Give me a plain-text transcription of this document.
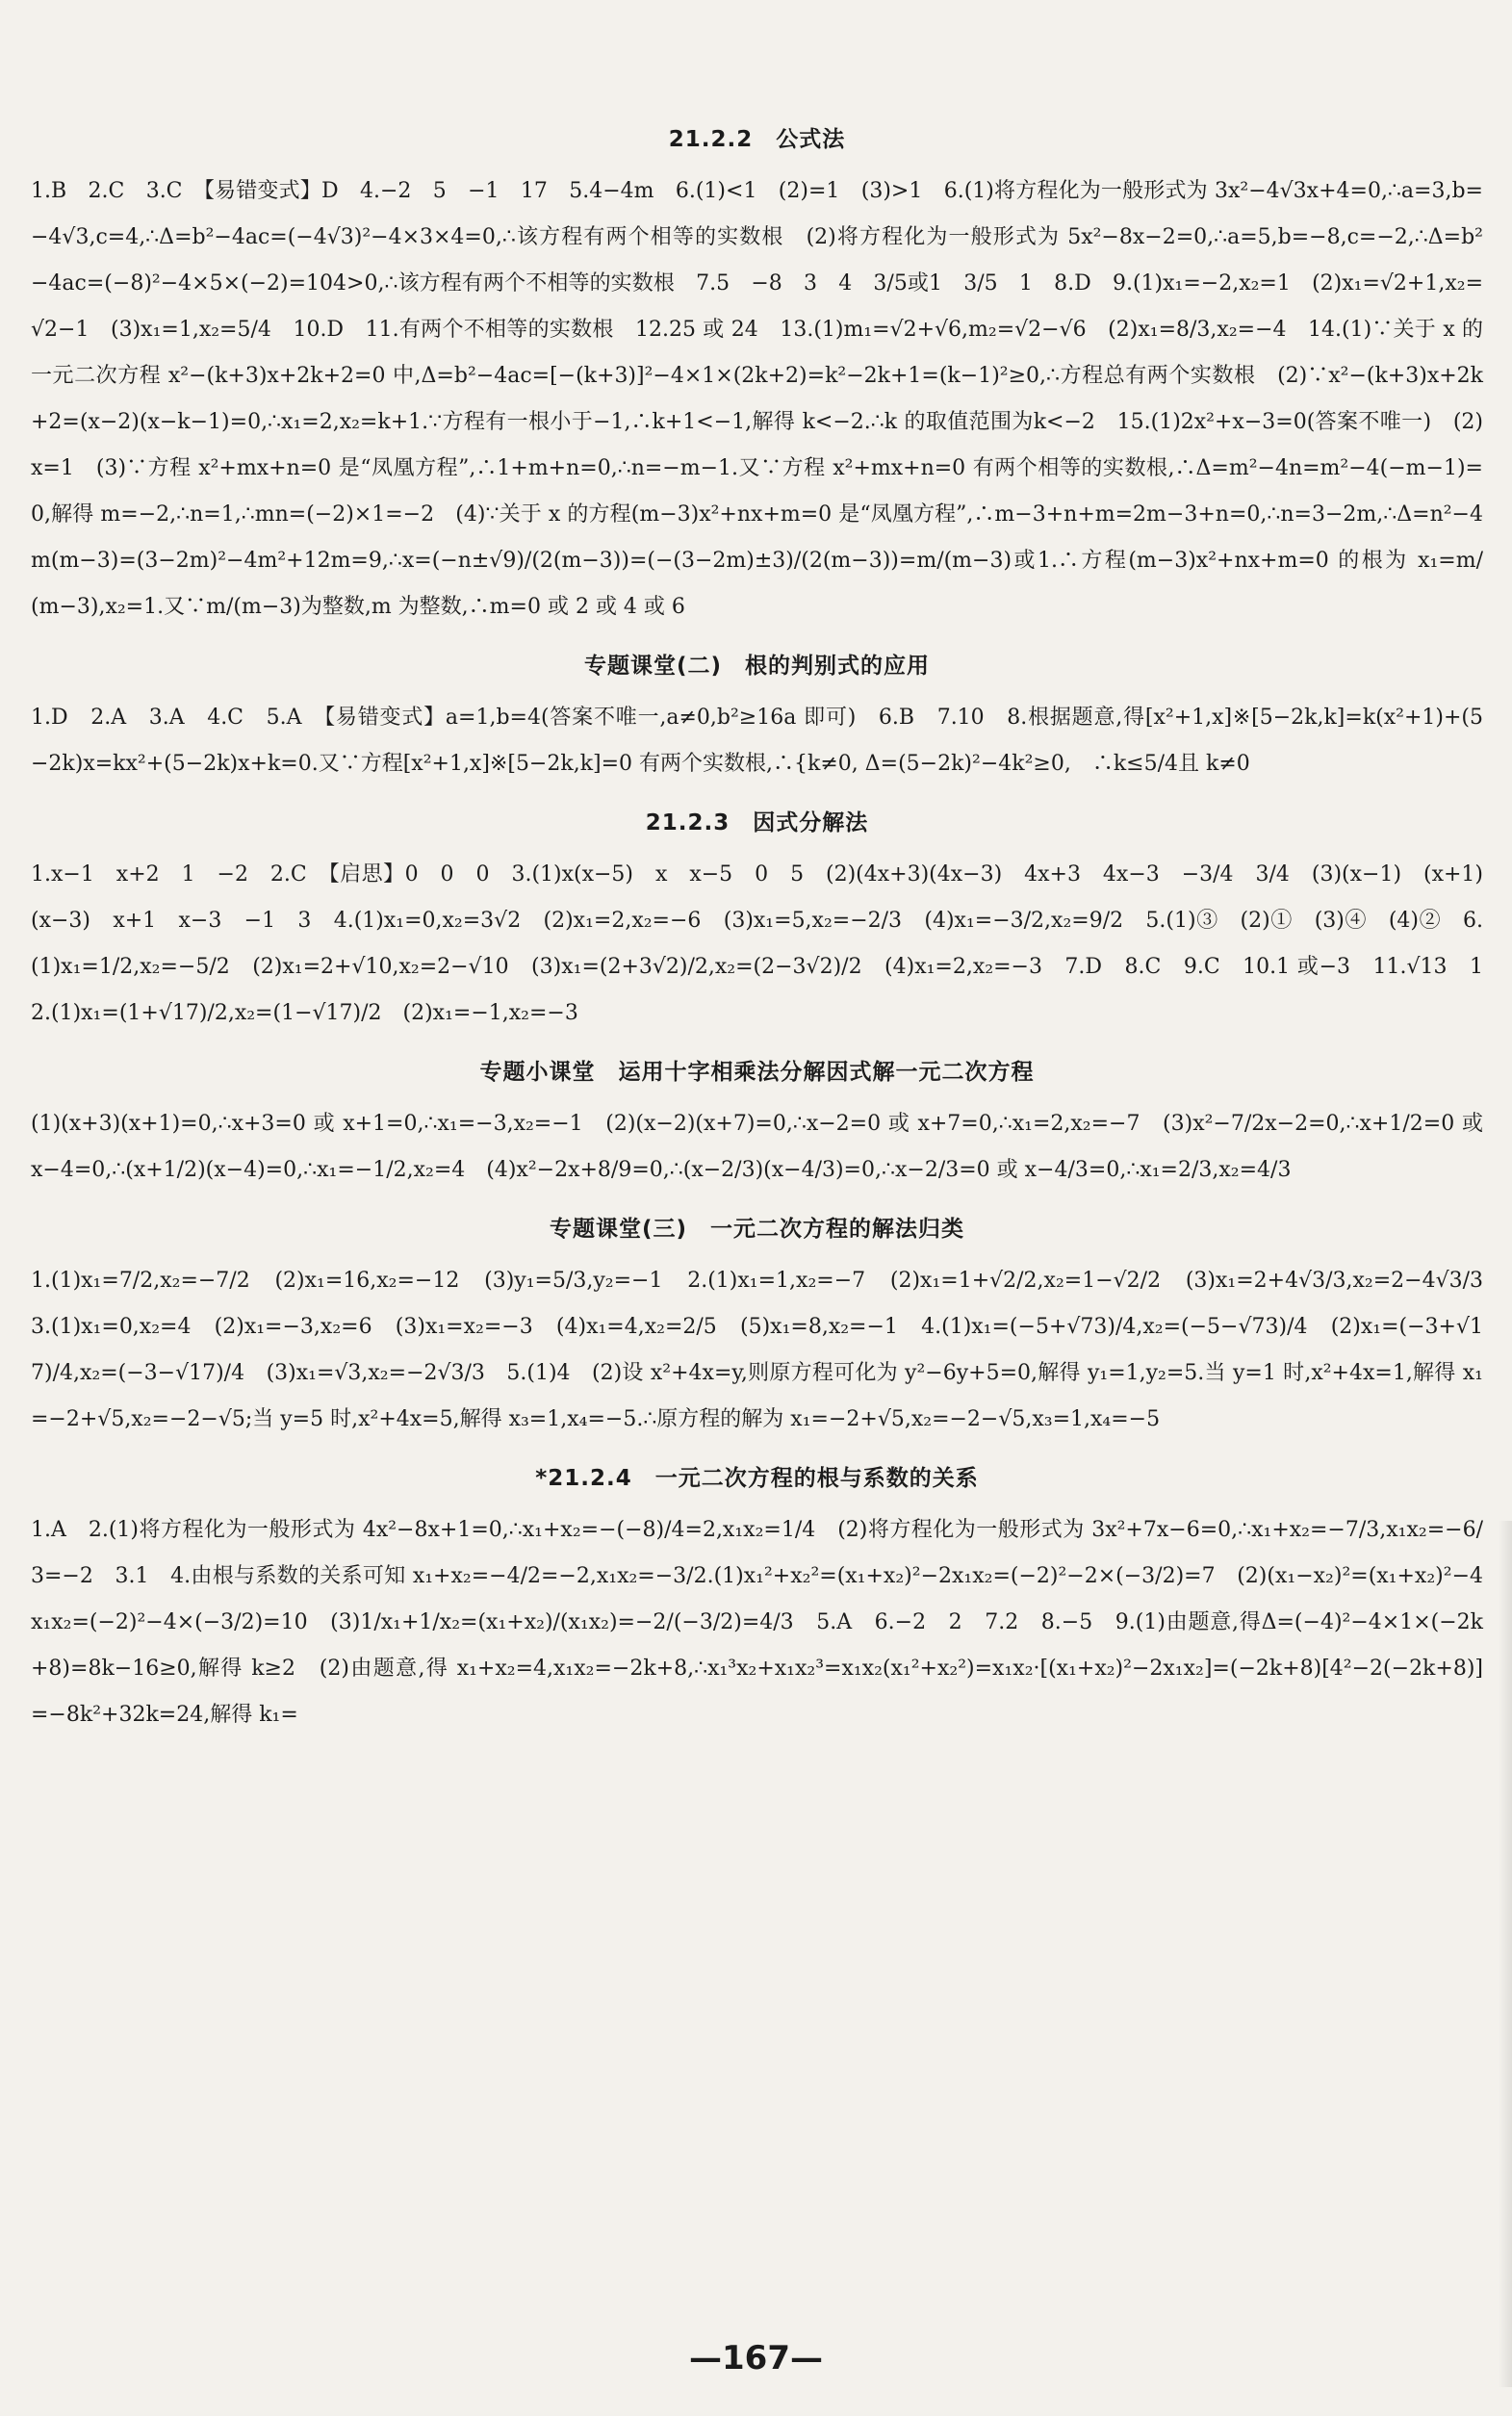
21.2.2　公式法
1.B　2.C　3.C　【易错变式】D　4.−2　5　−1　17　5.4−4m　6.(1)<1　(2)=1　(3)>1　6.(1)将方程化为一般形式为 3x²−4√3x+4=0,∴a=3,b=−4√3,c=4,∴Δ=b²−4ac=(−4√3)²−4×3×4=0,∴该方程有两个相等的实数根　(2)将方程化为一般形式为 5x²−8x−2=0,∴a=5,b=−8,c=−2,∴Δ=b²−4ac=(−8)²−4×5×(−2)=104>0,∴该方程有两个不相等的实数根　7.5　−8　3　4　3/5或1　3/5　1　8.D　9.(1)x₁=−2,x₂=1　(2)x₁=√2+1,x₂=√2−1　(3)x₁=1,x₂=5/4　10.D　11.有两个不相等的实数根　12.25 或 24　13.(1)m₁=√2+√6,m₂=√2−√6　(2)x₁=8/3,x₂=−4　14.(1)∵关于 x 的一元二次方程 x²−(k+3)x+2k+2=0 中,Δ=b²−4ac=[−(k+3)]²−4×1×(2k+2)=k²−2k+1=(k−1)²≥0,∴方程总有两个实数根　(2)∵x²−(k+3)x+2k+2=(x−2)(x−k−1)=0,∴x₁=2,x₂=k+1.∵方程有一根小于−1,∴k+1<−1,解得 k<−2.∴k 的取值范围为k<−2　15.(1)2x²+x−3=0(答案不唯一)　(2)x=1　(3)∵方程 x²+mx+n=0 是“凤凰方程”,∴1+m+n=0,∴n=−m−1.又∵方程 x²+mx+n=0 有两个相等的实数根,∴Δ=m²−4n=m²−4(−m−1)=0,解得 m=−2,∴n=1,∴mn=(−2)×1=−2　(4)∵关于 x 的方程(m−3)x²+nx+m=0 是“凤凰方程”,∴m−3+n+m=2m−3+n=0,∴n=3−2m,∴Δ=n²−4m(m−3)=(3−2m)²−4m²+12m=9,∴x=(−n±√9)/(2(m−3))=(−(3−2m)±3)/(2(m−3))=m/(m−3)或1.∴方程(m−3)x²+nx+m=0 的根为 x₁=m/(m−3),x₂=1.又∵m/(m−3)为整数,m 为整数,∴m=0 或 2 或 4 或 6
专题课堂(二)　根的判别式的应用
1.D　2.A　3.A　4.C　5.A　【易错变式】a=1,b=4(答案不唯一,a≠0,b²≥16a 即可)　6.B　7.10　8.根据题意,得[x²+1,x]※[5−2k,k]=k(x²+1)+(5−2k)x=kx²+(5−2k)x+k=0.又∵方程[x²+1,x]※[5−2k,k]=0 有两个实数根,∴{k≠0, Δ=(5−2k)²−4k²≥0,　∴k≤5/4且 k≠0
21.2.3　因式分解法
1.x−1　x+2　1　−2　2.C　【启思】0　0　0　3.(1)x(x−5)　x　x−5　0　5　(2)(4x+3)(4x−3)　4x+3　4x−3　−3/4　3/4　(3)(x−1)　(x+1)(x−3)　x+1　x−3　−1　3　4.(1)x₁=0,x₂=3√2　(2)x₁=2,x₂=−6　(3)x₁=5,x₂=−2/3　(4)x₁=−3/2,x₂=9/2　5.(1)③　(2)①　(3)④　(4)②　6.(1)x₁=1/2,x₂=−5/2　(2)x₁=2+√10,x₂=2−√10　(3)x₁=(2+3√2)/2,x₂=(2−3√2)/2　(4)x₁=2,x₂=−3　7.D　8.C　9.C　10.1 或−3　11.√13　12.(1)x₁=(1+√17)/2,x₂=(1−√17)/2　(2)x₁=−1,x₂=−3
专题小课堂　运用十字相乘法分解因式解一元二次方程
(1)(x+3)(x+1)=0,∴x+3=0 或 x+1=0,∴x₁=−3,x₂=−1　(2)(x−2)(x+7)=0,∴x−2=0 或 x+7=0,∴x₁=2,x₂=−7　(3)x²−7/2x−2=0,∴x+1/2=0 或 x−4=0,∴(x+1/2)(x−4)=0,∴x₁=−1/2,x₂=4　(4)x²−2x+8/9=0,∴(x−2/3)(x−4/3)=0,∴x−2/3=0 或 x−4/3=0,∴x₁=2/3,x₂=4/3
专题课堂(三)　一元二次方程的解法归类
1.(1)x₁=7/2,x₂=−7/2　(2)x₁=16,x₂=−12　(3)y₁=5/3,y₂=−1　2.(1)x₁=1,x₂=−7　(2)x₁=1+√2/2,x₂=1−√2/2　(3)x₁=2+4√3/3,x₂=2−4√3/3　3.(1)x₁=0,x₂=4　(2)x₁=−3,x₂=6　(3)x₁=x₂=−3　(4)x₁=4,x₂=2/5　(5)x₁=8,x₂=−1　4.(1)x₁=(−5+√73)/4,x₂=(−5−√73)/4　(2)x₁=(−3+√17)/4,x₂=(−3−√17)/4　(3)x₁=√3,x₂=−2√3/3　5.(1)4　(2)设 x²+4x=y,则原方程可化为 y²−6y+5=0,解得 y₁=1,y₂=5.当 y=1 时,x²+4x=1,解得 x₁=−2+√5,x₂=−2−√5;当 y=5 时,x²+4x=5,解得 x₃=1,x₄=−5.∴原方程的解为 x₁=−2+√5,x₂=−2−√5,x₃=1,x₄=−5
*21.2.4　一元二次方程的根与系数的关系
1.A　2.(1)将方程化为一般形式为 4x²−8x+1=0,∴x₁+x₂=−(−8)/4=2,x₁x₂=1/4　(2)将方程化为一般形式为 3x²+7x−6=0,∴x₁+x₂=−7/3,x₁x₂=−6/3=−2　3.1　4.由根与系数的关系可知 x₁+x₂=−4/2=−2,x₁x₂=−3/2.(1)x₁²+x₂²=(x₁+x₂)²−2x₁x₂=(−2)²−2×(−3/2)=7　(2)(x₁−x₂)²=(x₁+x₂)²−4x₁x₂=(−2)²−4×(−3/2)=10　(3)1/x₁+1/x₂=(x₁+x₂)/(x₁x₂)=−2/(−3/2)=4/3　5.A　6.−2　2　7.2　8.−5　9.(1)由题意,得Δ=(−4)²−4×1×(−2k+8)=8k−16≥0,解得 k≥2　(2)由题意,得 x₁+x₂=4,x₁x₂=−2k+8,∴x₁³x₂+x₁x₂³=x₁x₂(x₁²+x₂²)=x₁x₂·[(x₁+x₂)²−2x₁x₂]=(−2k+8)[4²−2(−2k+8)]=−8k²+32k=24,解得 k₁=
—167—
